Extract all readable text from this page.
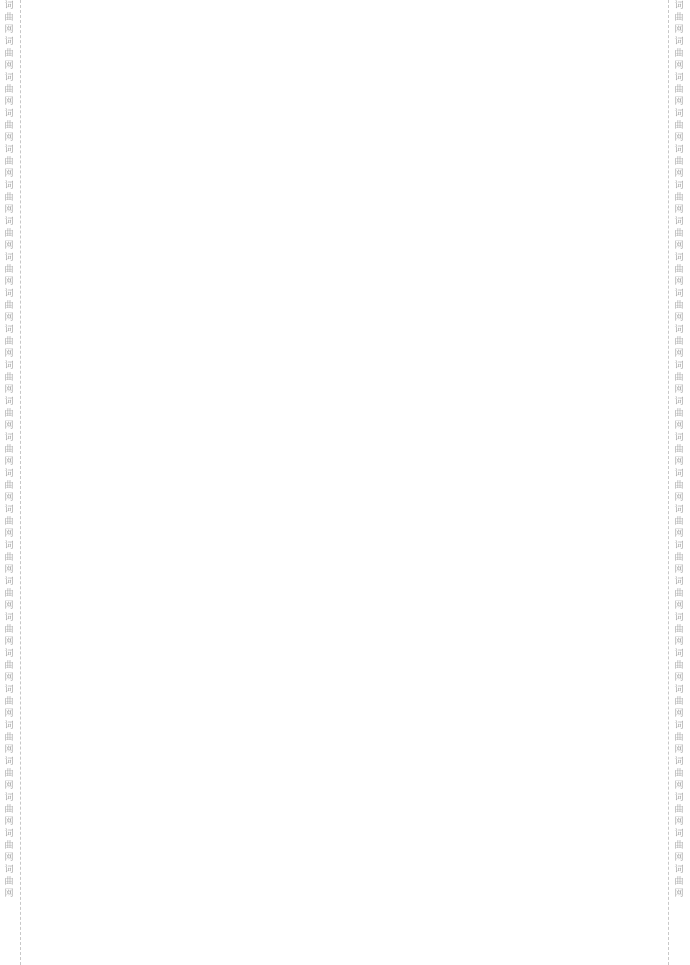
词
曲
网
词
曲
网
词
曲
网
词
曲
网
词
曲
网
词
曲
网
词
曲
网
词
曲
网
词
曲
网
词
曲
网
词
曲
网
词
曲
网
词
曲
网
词
曲
网
词
曲
网
词
曲
网
词
曲
网
词
曲
网
词
曲
网
词
曲
网
词
曲
网
词
曲
网
词
曲
网
词
曲
网
词
曲
网
词
曲
网
词
曲
网
词
曲
网
词
曲
网
词
曲
网
词
曲
网
词
曲
网
词
曲
网
词
曲
网
词
曲
网
词
曲
网
词
曲
网
词
曲
网
词
曲
网
词
曲
网
词
曲
网
词
曲
网
词
曲
网
词
曲
网
词
曲
网
词
曲
网
词
曲
网
词
曲
网
词
曲
网
词
曲
网
